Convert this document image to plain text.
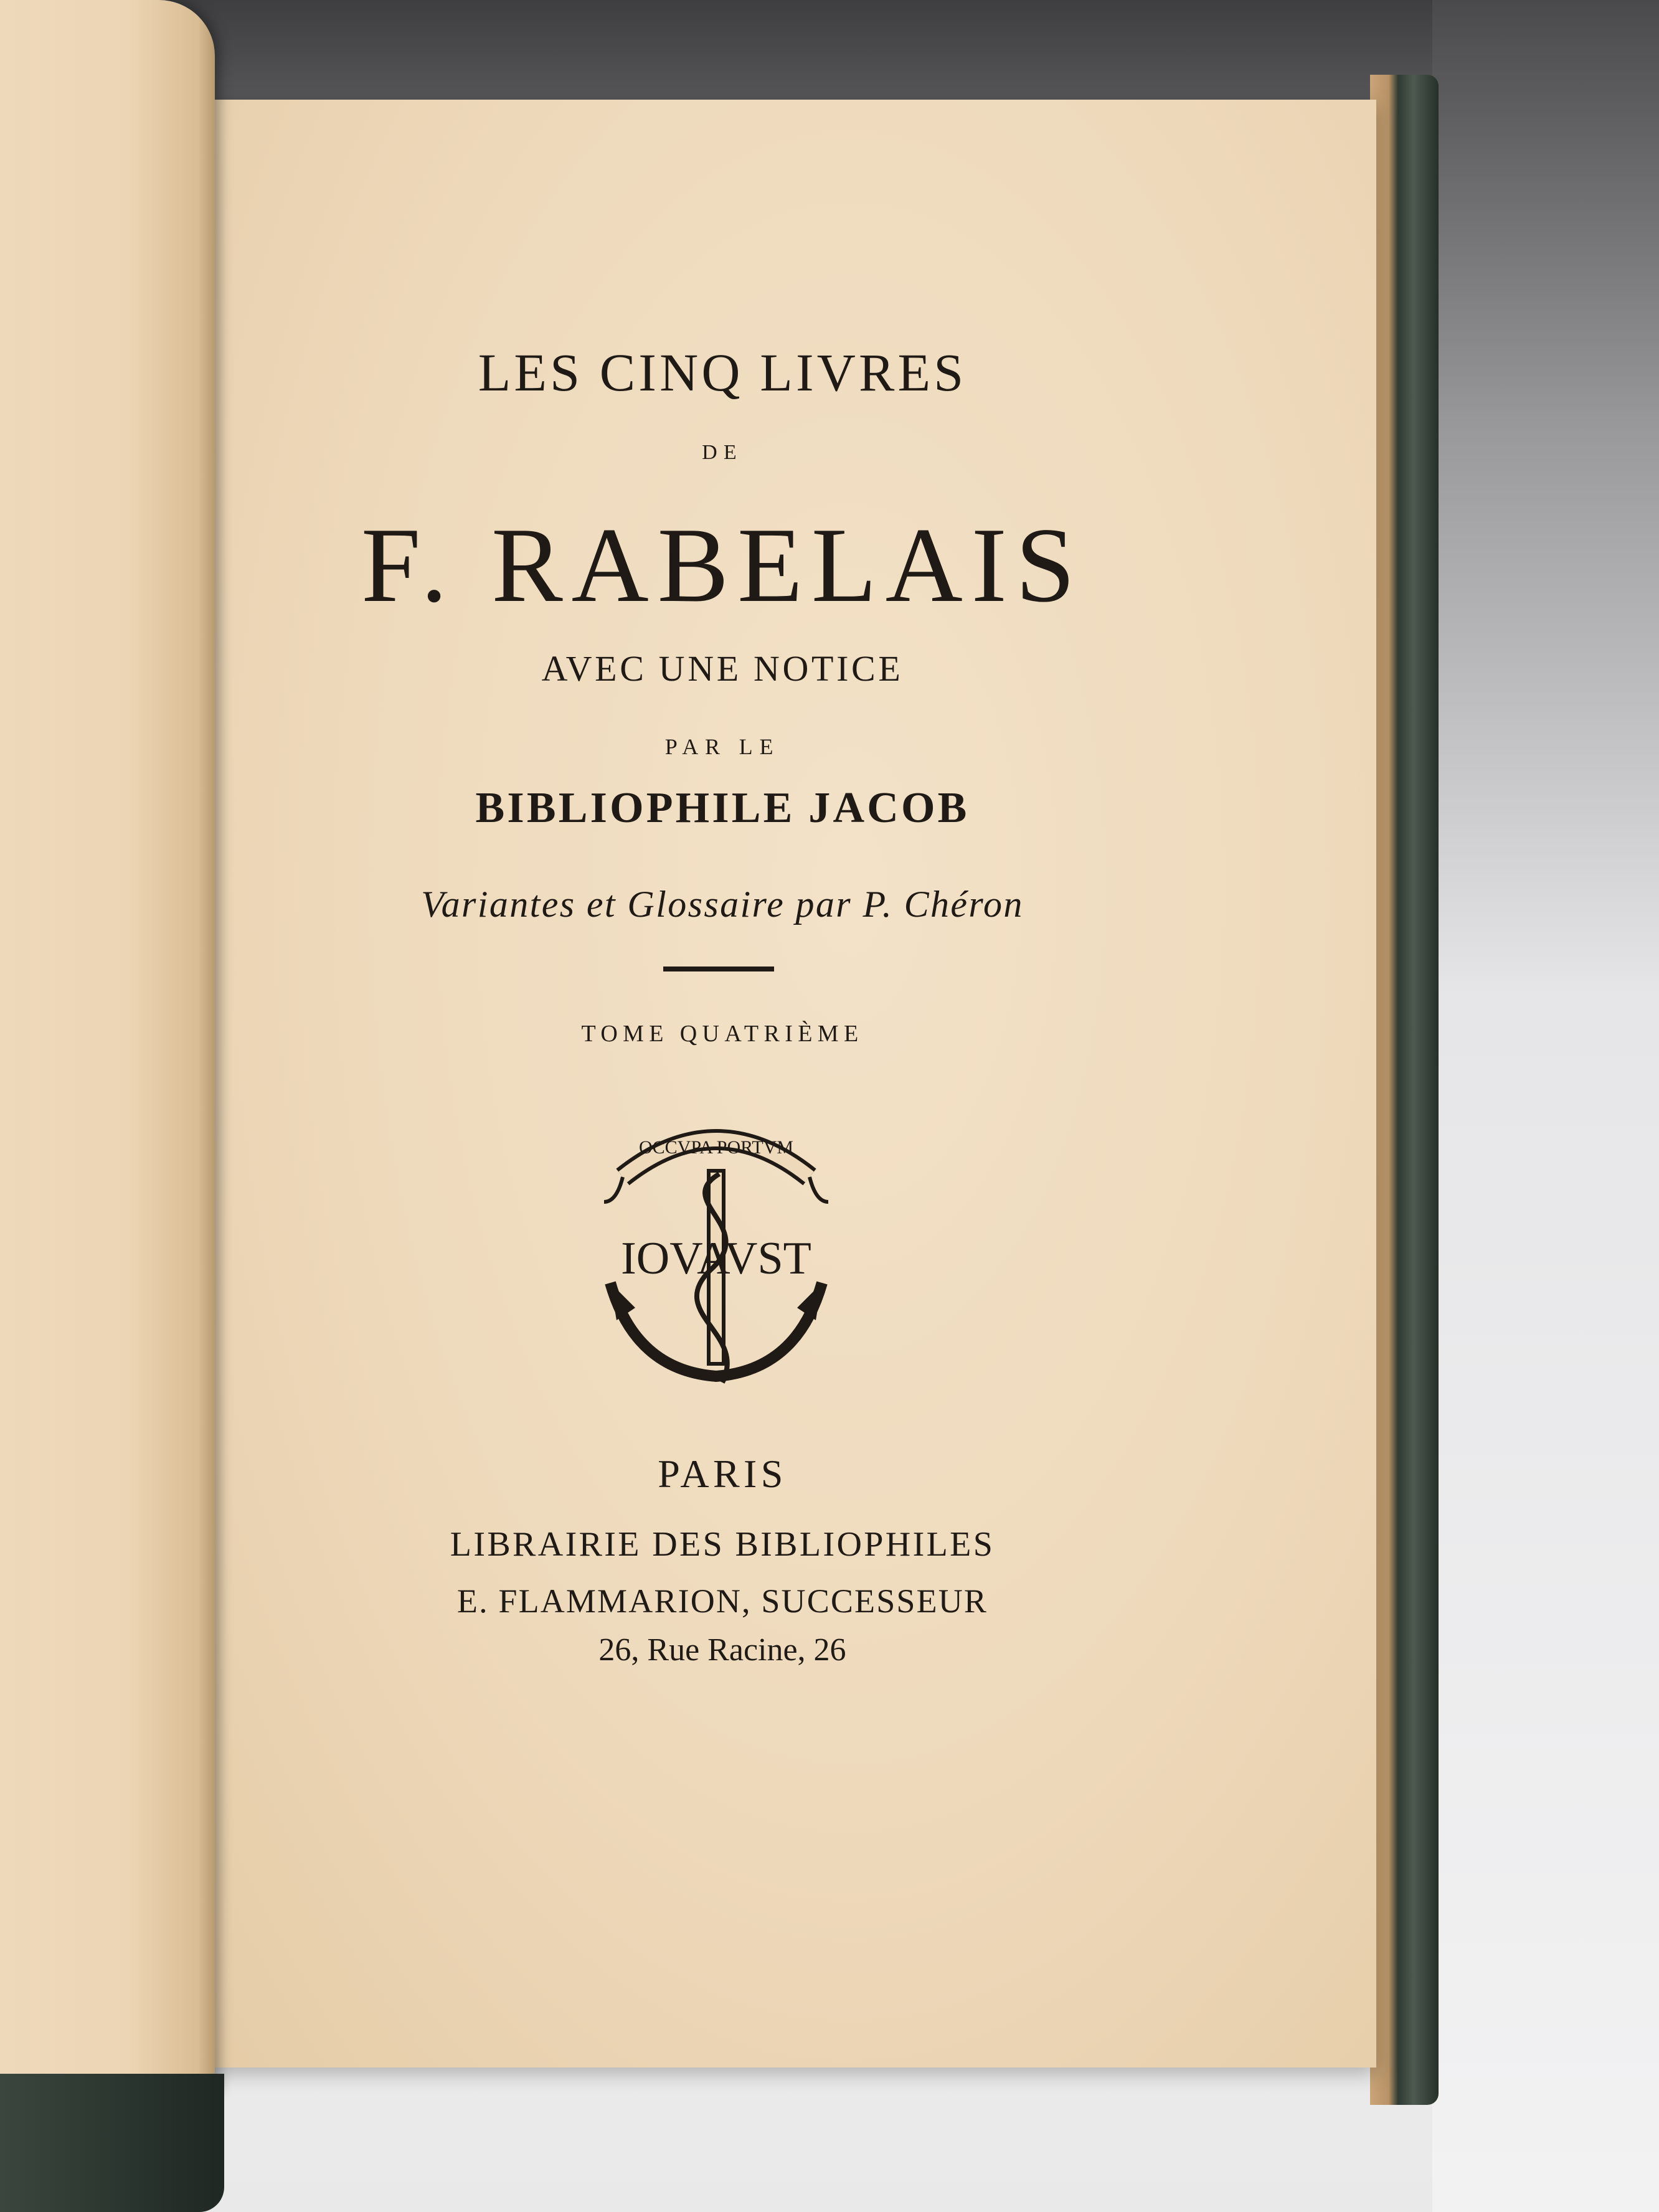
LES CINQ LIVRES
DE
F. RABELAIS
AVEC UNE NOTICE
PAR LE
BIBLIOPHILE JACOB
Variantes et Glossaire par P. Chéron
TOME QUATRIÈME
OCCVPA PORTVM
IOVAVST
PARIS
LIBRAIRIE DES BIBLIOPHILES
E. FLAMMARION, SUCCESSEUR
26, Rue Racine, 26
